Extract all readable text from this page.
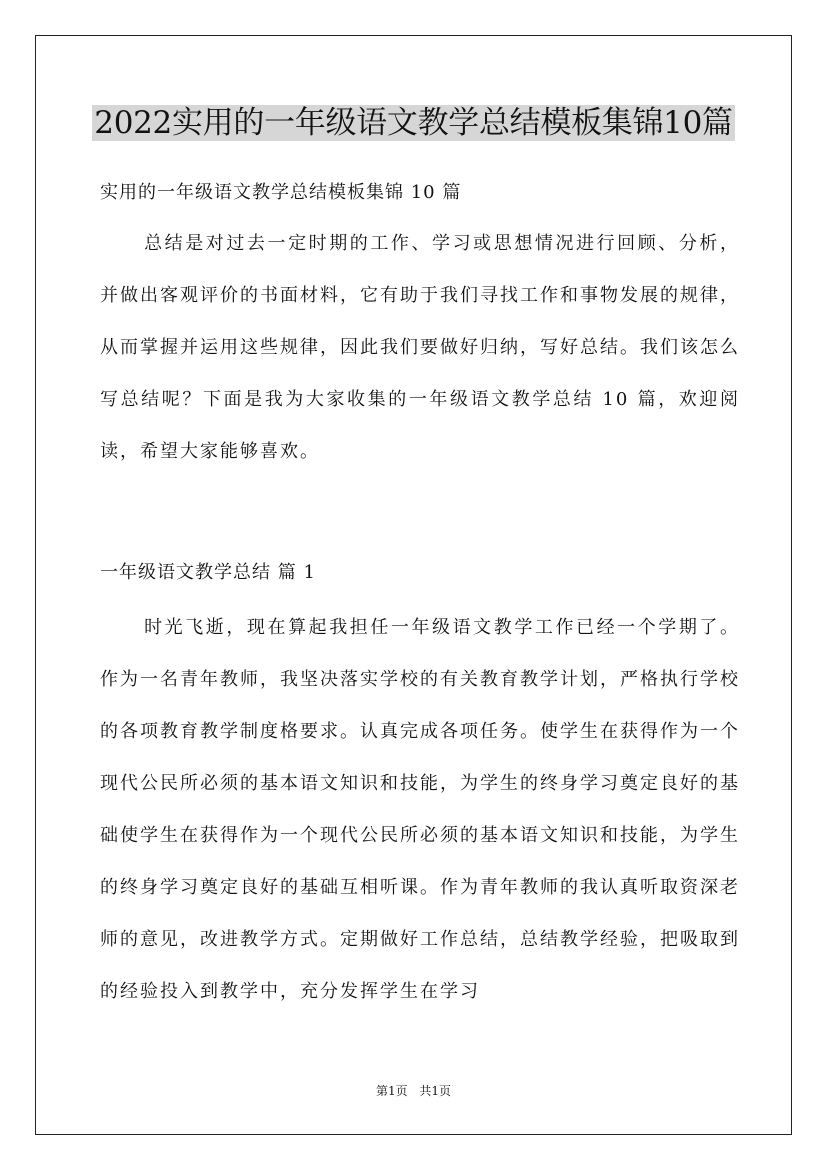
2022实用的一年级语文教学总结模板集锦10篇

实用的一年级语文教学总结模板集锦 10 篇

总结是对过去一定时期的工作、学习或思想情况进行回顾、分析，并做出客观评价的书面材料，它有助于我们寻找工作和事物发展的规律，从而掌握并运用这些规律，因此我们要做好归纳，写好总结。我们该怎么写总结呢？下面是我为大家收集的一年级语文教学总结 10 篇，欢迎阅读，希望大家能够喜欢。

一年级语文教学总结 篇 1

时光飞逝，现在算起我担任一年级语文教学工作已经一个学期了。作为一名青年教师，我坚决落实学校的有关教育教学计划，严格执行学校的各项教育教学制度格要求。认真完成各项任务。使学生在获得作为一个现代公民所必须的基本语文知识和技能，为学生的终身学习奠定良好的基础使学生在获得作为一个现代公民所必须的基本语文知识和技能，为学生的终身学习奠定良好的基础互相听课。作为青年教师的我认真听取资深老师的意见，改进教学方式。定期做好工作总结，总结教学经验，把吸取到的经验投入到教学中，充分发挥学生在学习

第1页 共1页
